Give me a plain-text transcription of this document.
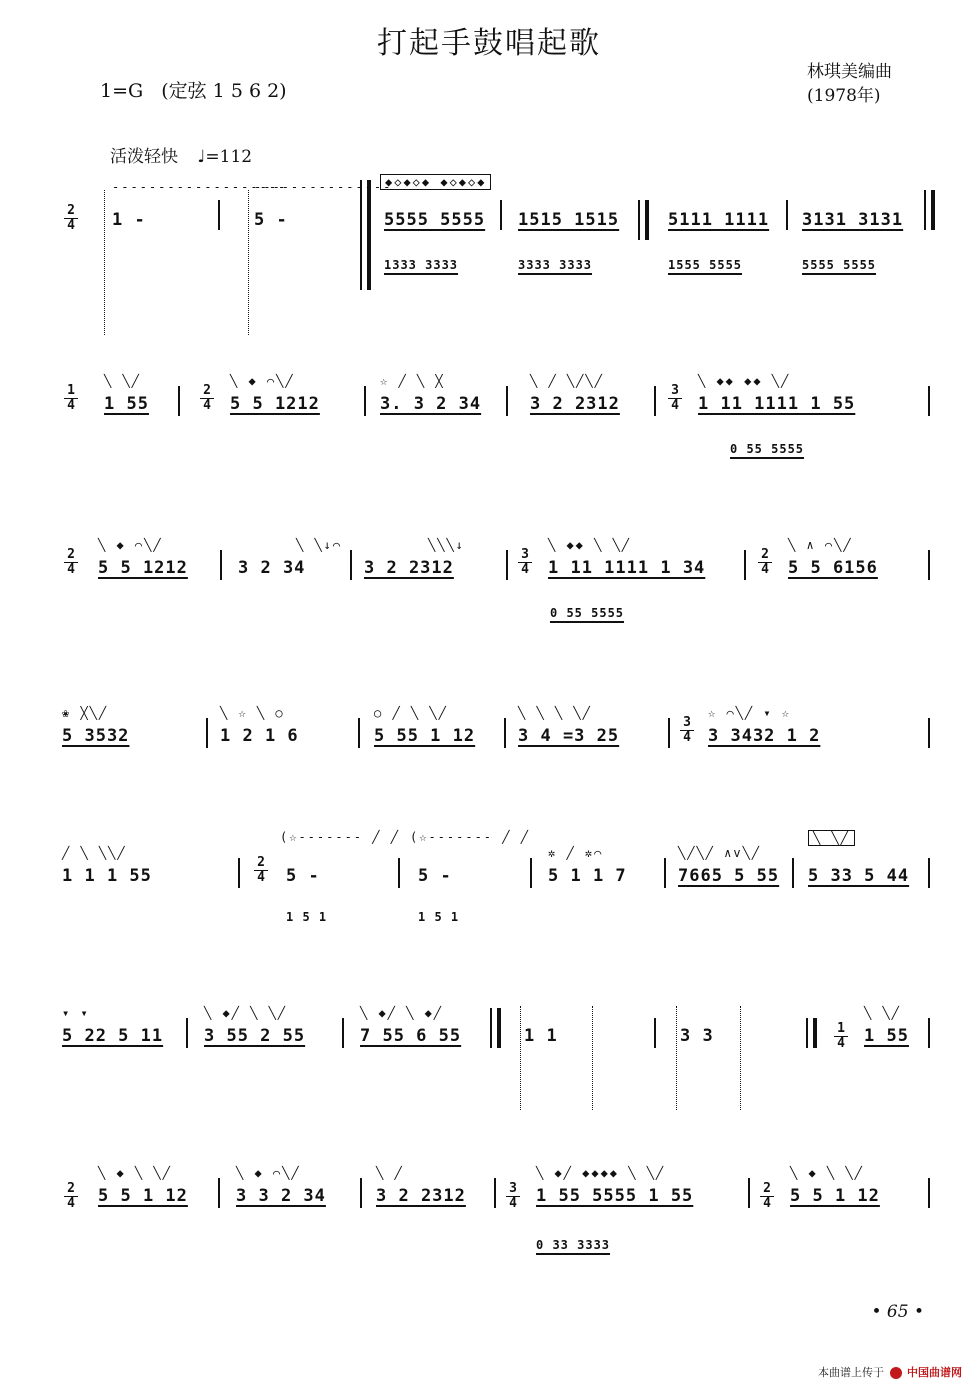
打起手鼓唱起歌
林琪美编曲
(1978年)
1=G (定弦 1 5 6 2)
活泼轻快 ♩=112
2
4 1 -
-------------------
5 -
---------------
◆◇◆◇◆ ◆◇◆◇◆
5555 5555
1333 3333
1515 1515
3333 3333
5111 1111
1555 5555
3131 3131
5555 5555
1
4
╲ ╲╱
1 55
2
4
╲ ◆ ⌒╲╱
5 5 1212
☆ ╱ ╲ ╳
3. 3 2 34
╲ ╱ ╲╱╲╱
3 2 2312
3
4
╲ ◆◆ ◆◆ ╲╱
1 11 1111 1 55
0 55 5555
2
4
╲ ◆ ⌒╲╱
5 5 1212	3 2 34
╲ ╲↓⌒
3 2 2312
╲╲╲↓
3
4
╲ ◆◆ ╲ ╲╱
1 11 1111 1 34
0 55 5555
2
4
╲ ∧ ⌒╲╱
5 5 6156
❀ ╳╲╱
5 3532
╲ ☆ ╲ ○
1 2 1 6
○ ╱ ╲ ╲╱
5 55 1 12
╲ ╲ ╲ ╲╱
3 4 =3 25
3
4
☆ ⌒╲╱ ▾ ☆
3 3432 1 2
╱ ╲ ╲╲╱
1 1 1 55
2
4
(☆------- ╱ ╱
5 -
1 5 1
(☆------- ╱ ╱
5 -
1 5 1
✲ ╱ ✲⌒
5 1 1 7
╲╱╲╱ ∧v╲╱
7665 5 55
╲ ╲╱
5 33 5 44
▾ ▾
5 22 5 11
╲ ◆╱ ╲ ╲╱
3 55 2 55
╲ ◆╱ ╲ ◆╱
7 55 6 55	1 1	3 3	1
4
╲ ╲╱
1 55
2
4
╲ ◆ ╲ ╲╱
5 5 1 12
╲ ◆ ⌒╲╱
3 3 2 34
╲ ╱
3 2 2312	3
4
╲ ◆╱ ◆◆◆◆ ╲ ╲╱
1 55 5555 1 55
0 33 3333
2
4
╲ ◆ ╲ ╲╱
5 5 1 12
• 65 •
本曲谱上传于 中国曲谱网
